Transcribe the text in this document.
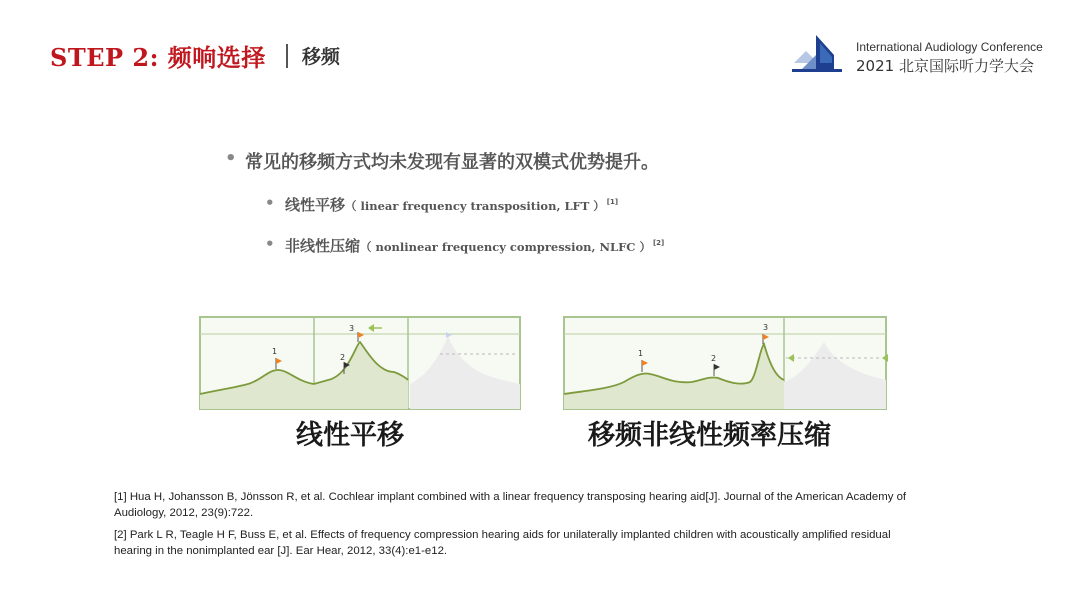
STEP 2: 频响选择 移频	International Audiology Conference
2021 北京国际听力学大会
• 常见的移频方式均未发现有显著的双模式优势提升。
• 线性平移（ linear frequency transposition, LFT ） [1]
• 非线性压缩（ nonlinear frequency compression, NLFC ） [2]
1
2
3
线性平移
1
2
3
移频非线性频率压缩
[1] Hua H, Johansson B, Jönsson R, et al. Cochlear implant combined with a linear frequency transposing hearing aid[J]. Journal of the American Academy of Audiology, 2012, 23(9):722.
[2] Park L R, Teagle H F, Buss E, et al. Effects of frequency compression hearing aids for unilaterally implanted children with acoustically amplified residual hearing in the nonimplanted ear [J]. Ear Hear, 2012, 33(4):e1-e12.
